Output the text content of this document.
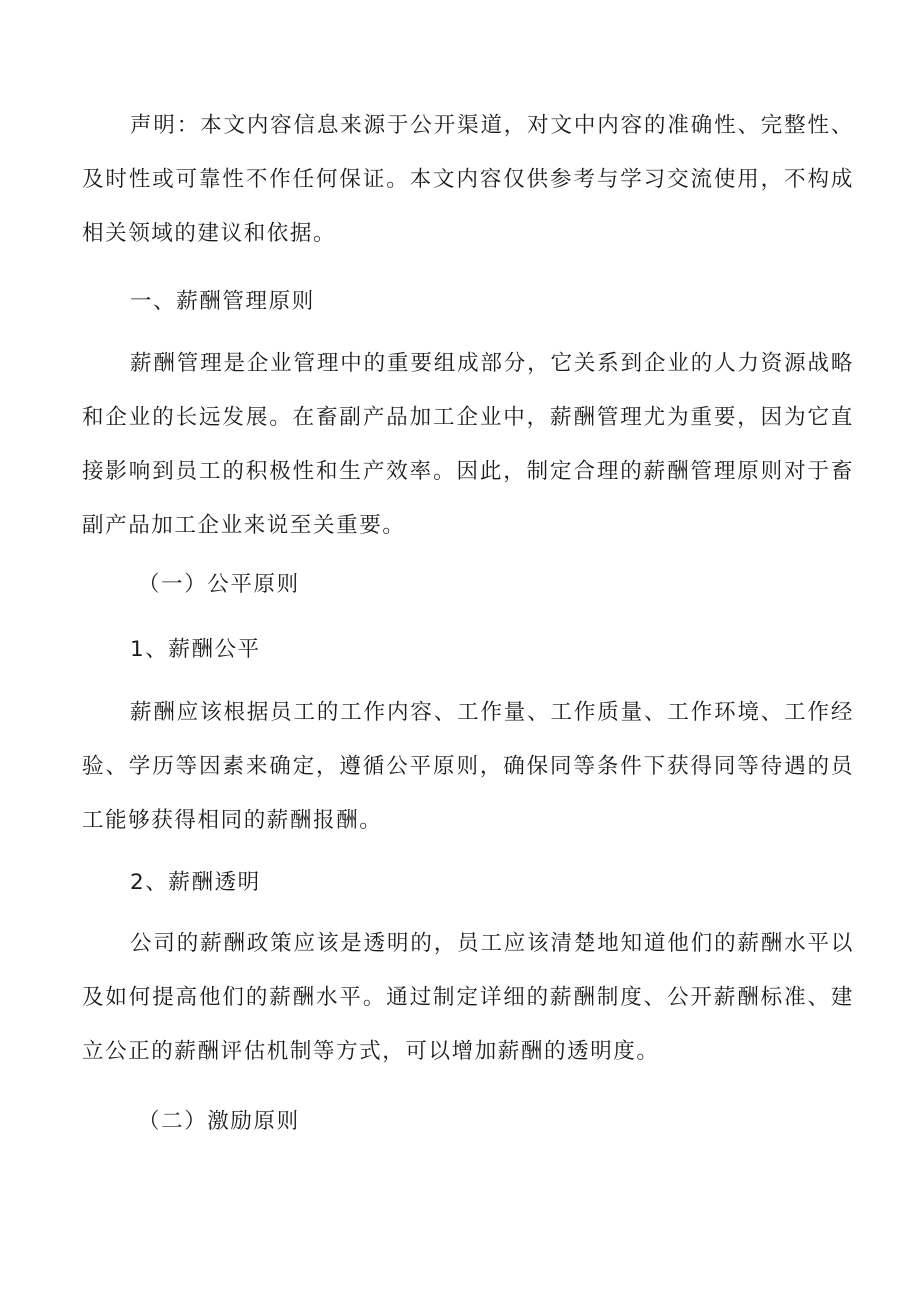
声明：本文内容信息来源于公开渠道，对文中内容的准确性、完整性、及时性或可靠性不作任何保证。本文内容仅供参考与学习交流使用，不构成相关领域的建议和依据。

一、薪酬管理原则

薪酬管理是企业管理中的重要组成部分，它关系到企业的人力资源战略和企业的长远发展。在畜副产品加工企业中，薪酬管理尤为重要，因为它直接影响到员工的积极性和生产效率。因此，制定合理的薪酬管理原则对于畜副产品加工企业来说至关重要。

（一）公平原则
1、薪酬公平

薪酬应该根据员工的工作内容、工作量、工作质量、工作环境、工作经验、学历等因素来确定，遵循公平原则，确保同等条件下获得同等待遇的员工能够获得相同的薪酬报酬。

2、薪酬透明

公司的薪酬政策应该是透明的，员工应该清楚地知道他们的薪酬水平以及如何提高他们的薪酬水平。通过制定详细的薪酬制度、公开薪酬标准、建立公正的薪酬评估机制等方式，可以增加薪酬的透明度。

（二）激励原则
